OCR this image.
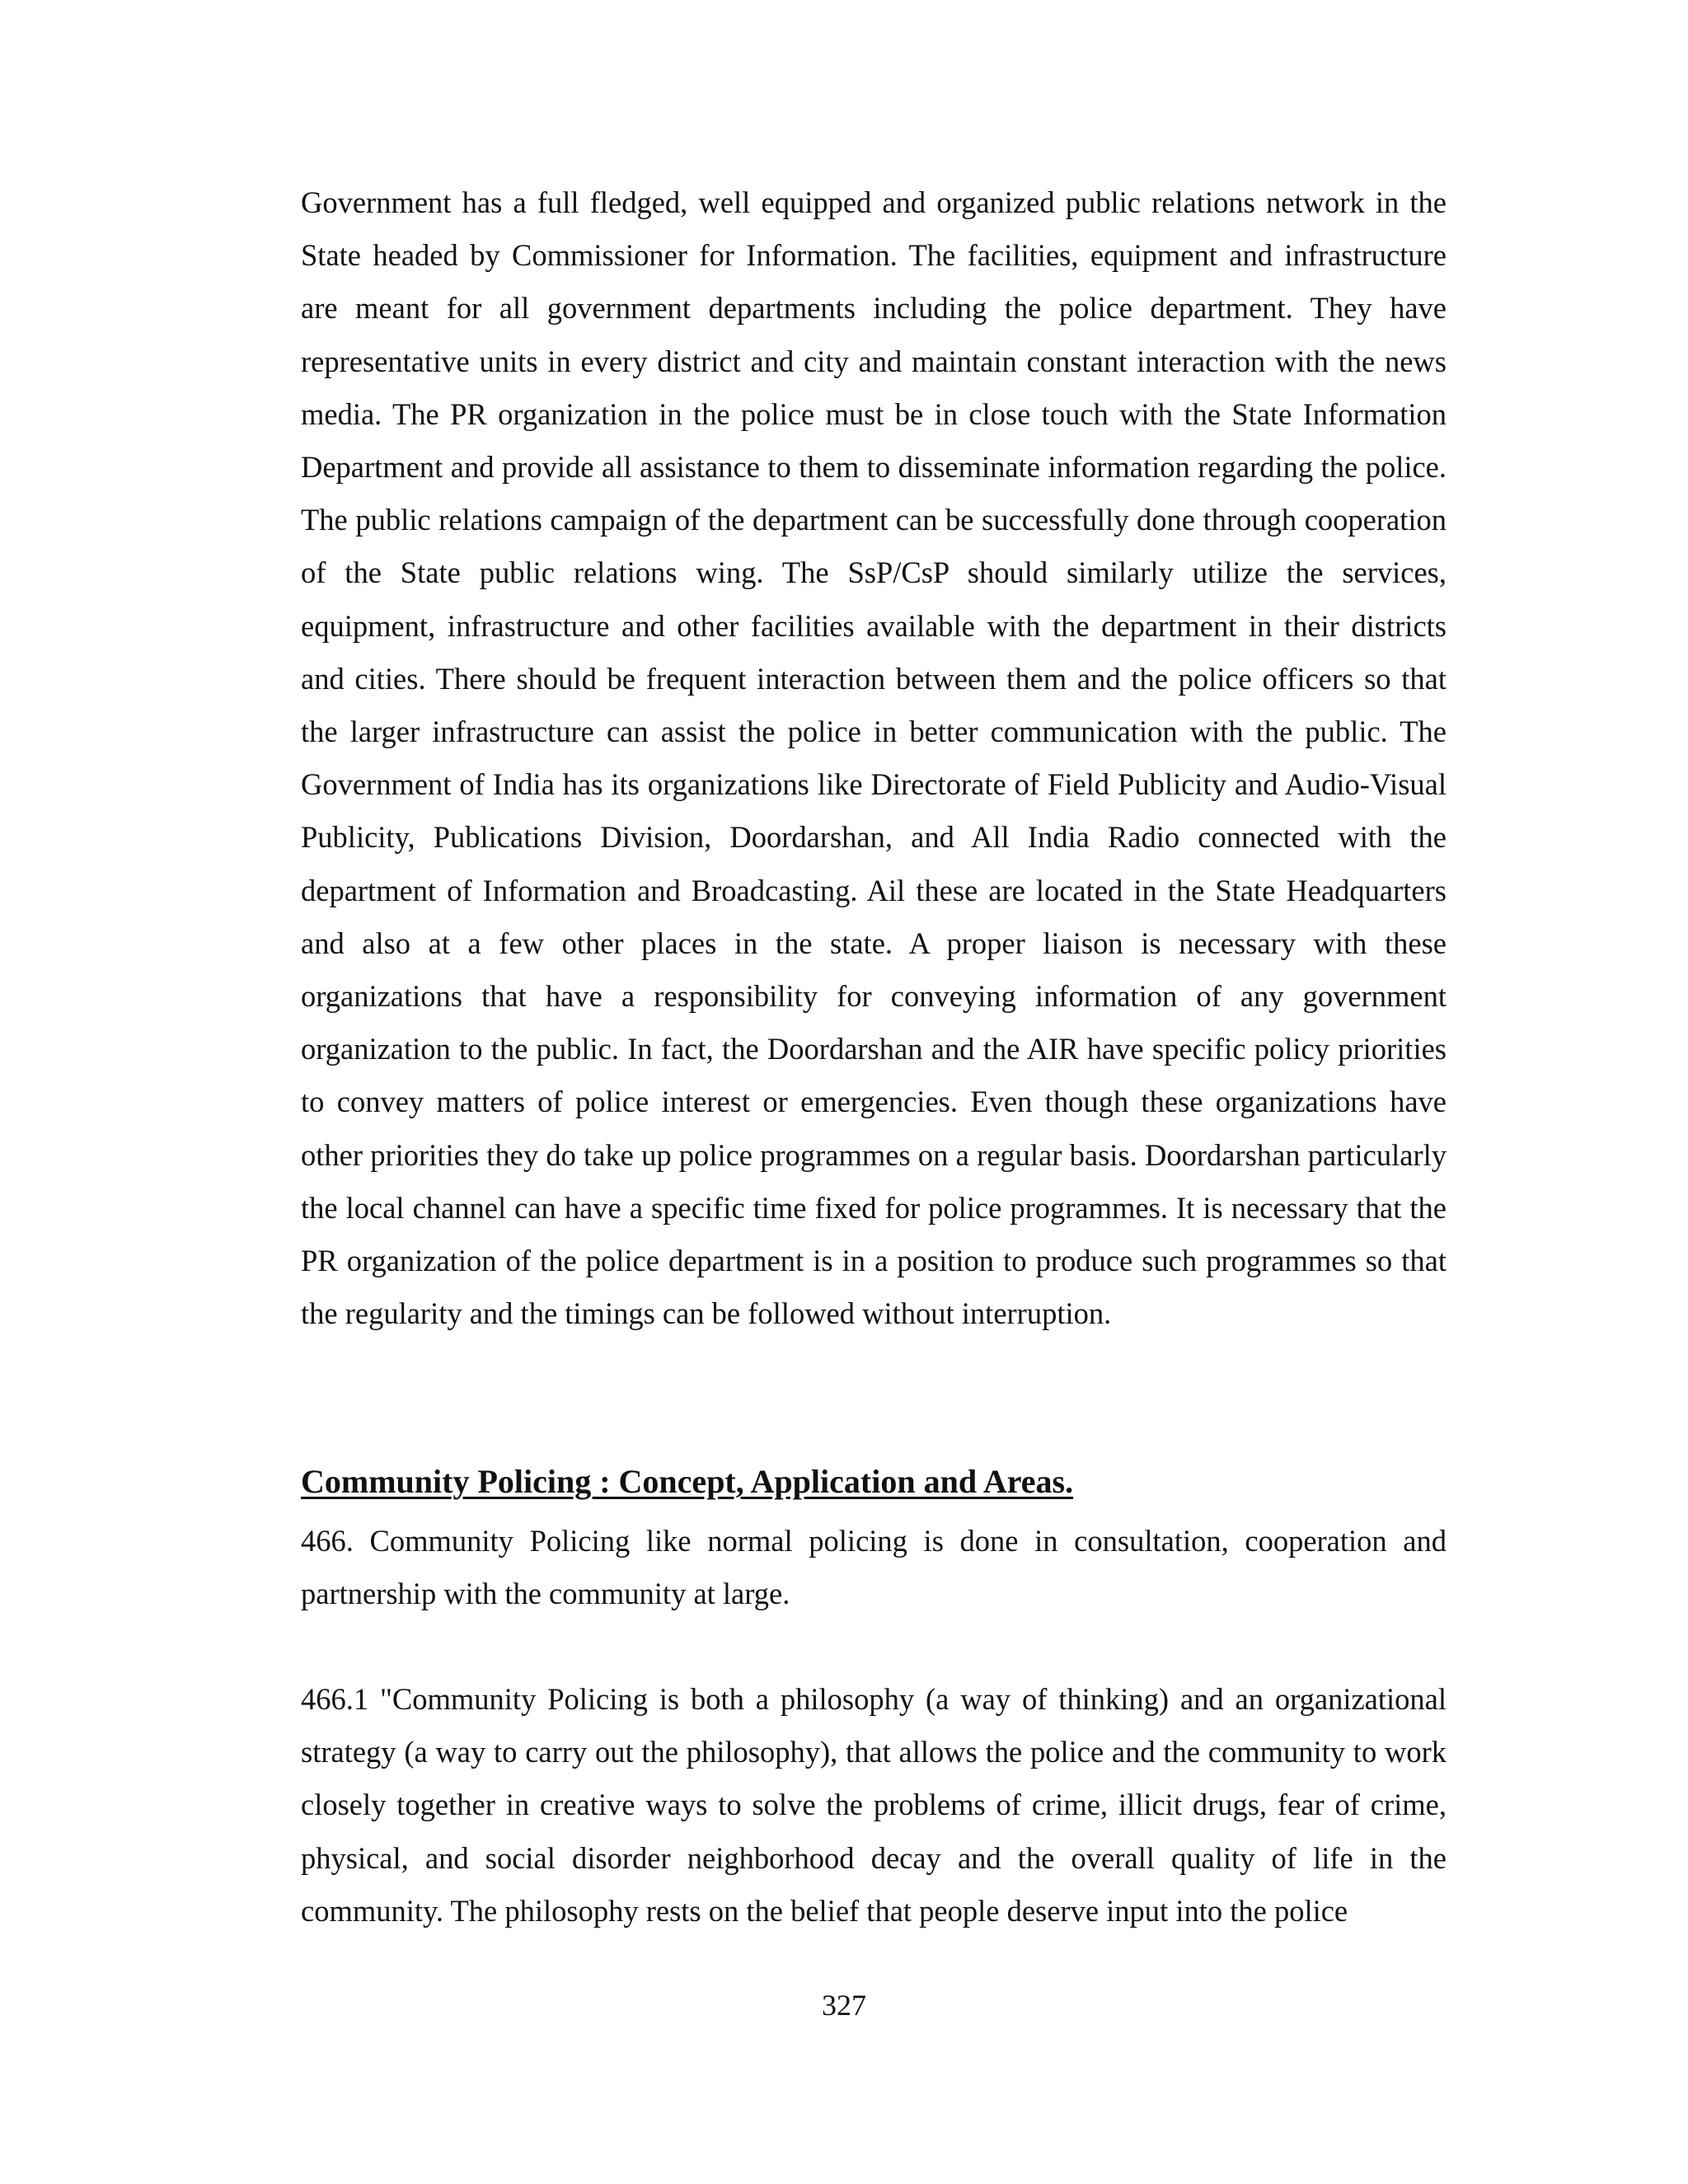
Government has a full fledged, well equipped and organized public relations network in the State headed by Commissioner for Information. The facilities, equipment and infrastructure are meant for all government departments including the police department. They have representative units in every district and city and maintain constant interaction with the news media. The PR organization in the police must be in close touch with the State Information Department and provide all assistance to them to disseminate information regarding the police. The public relations campaign of the department can be successfully done through cooperation of the State public relations wing. The SsP/CsP should similarly utilize the services, equipment, infrastructure and other facilities available with the department in their districts and cities. There should be frequent interaction between them and the police officers so that the larger infrastructure can assist the police in better communication with the public. The Government of India has its organizations like Directorate of Field Publicity and Audio-Visual Publicity, Publications Division, Doordarshan, and All India Radio connected with the department of Information and Broadcasting. Ail these are located in the State Headquarters and also at a few other places in the state. A proper liaison is necessary with these organizations that have a responsibility for conveying information of any government organization to the public. In fact, the Doordarshan and the AIR have specific policy priorities to convey matters of police interest or emergencies. Even though these organizations have other priorities they do take up police programmes on a regular basis. Doordarshan particularly the local channel can have a specific time fixed for police programmes. It is necessary that the PR organization of the police department is in a position to produce such programmes so that the regularity and the timings can be followed without interruption.

Community Policing : Concept, Application and Areas.

466. Community Policing like normal policing is done in consultation, cooperation and partnership with the community at large.

466.1 "Community Policing is both a philosophy (a way of thinking) and an organizational strategy (a way to carry out the philosophy), that allows the police and the community to work closely together in creative ways to solve the problems of crime, illicit drugs, fear of crime, physical, and social disorder neighborhood decay and the overall quality of life in the community. The philosophy rests on the belief that people deserve input into the police

327
